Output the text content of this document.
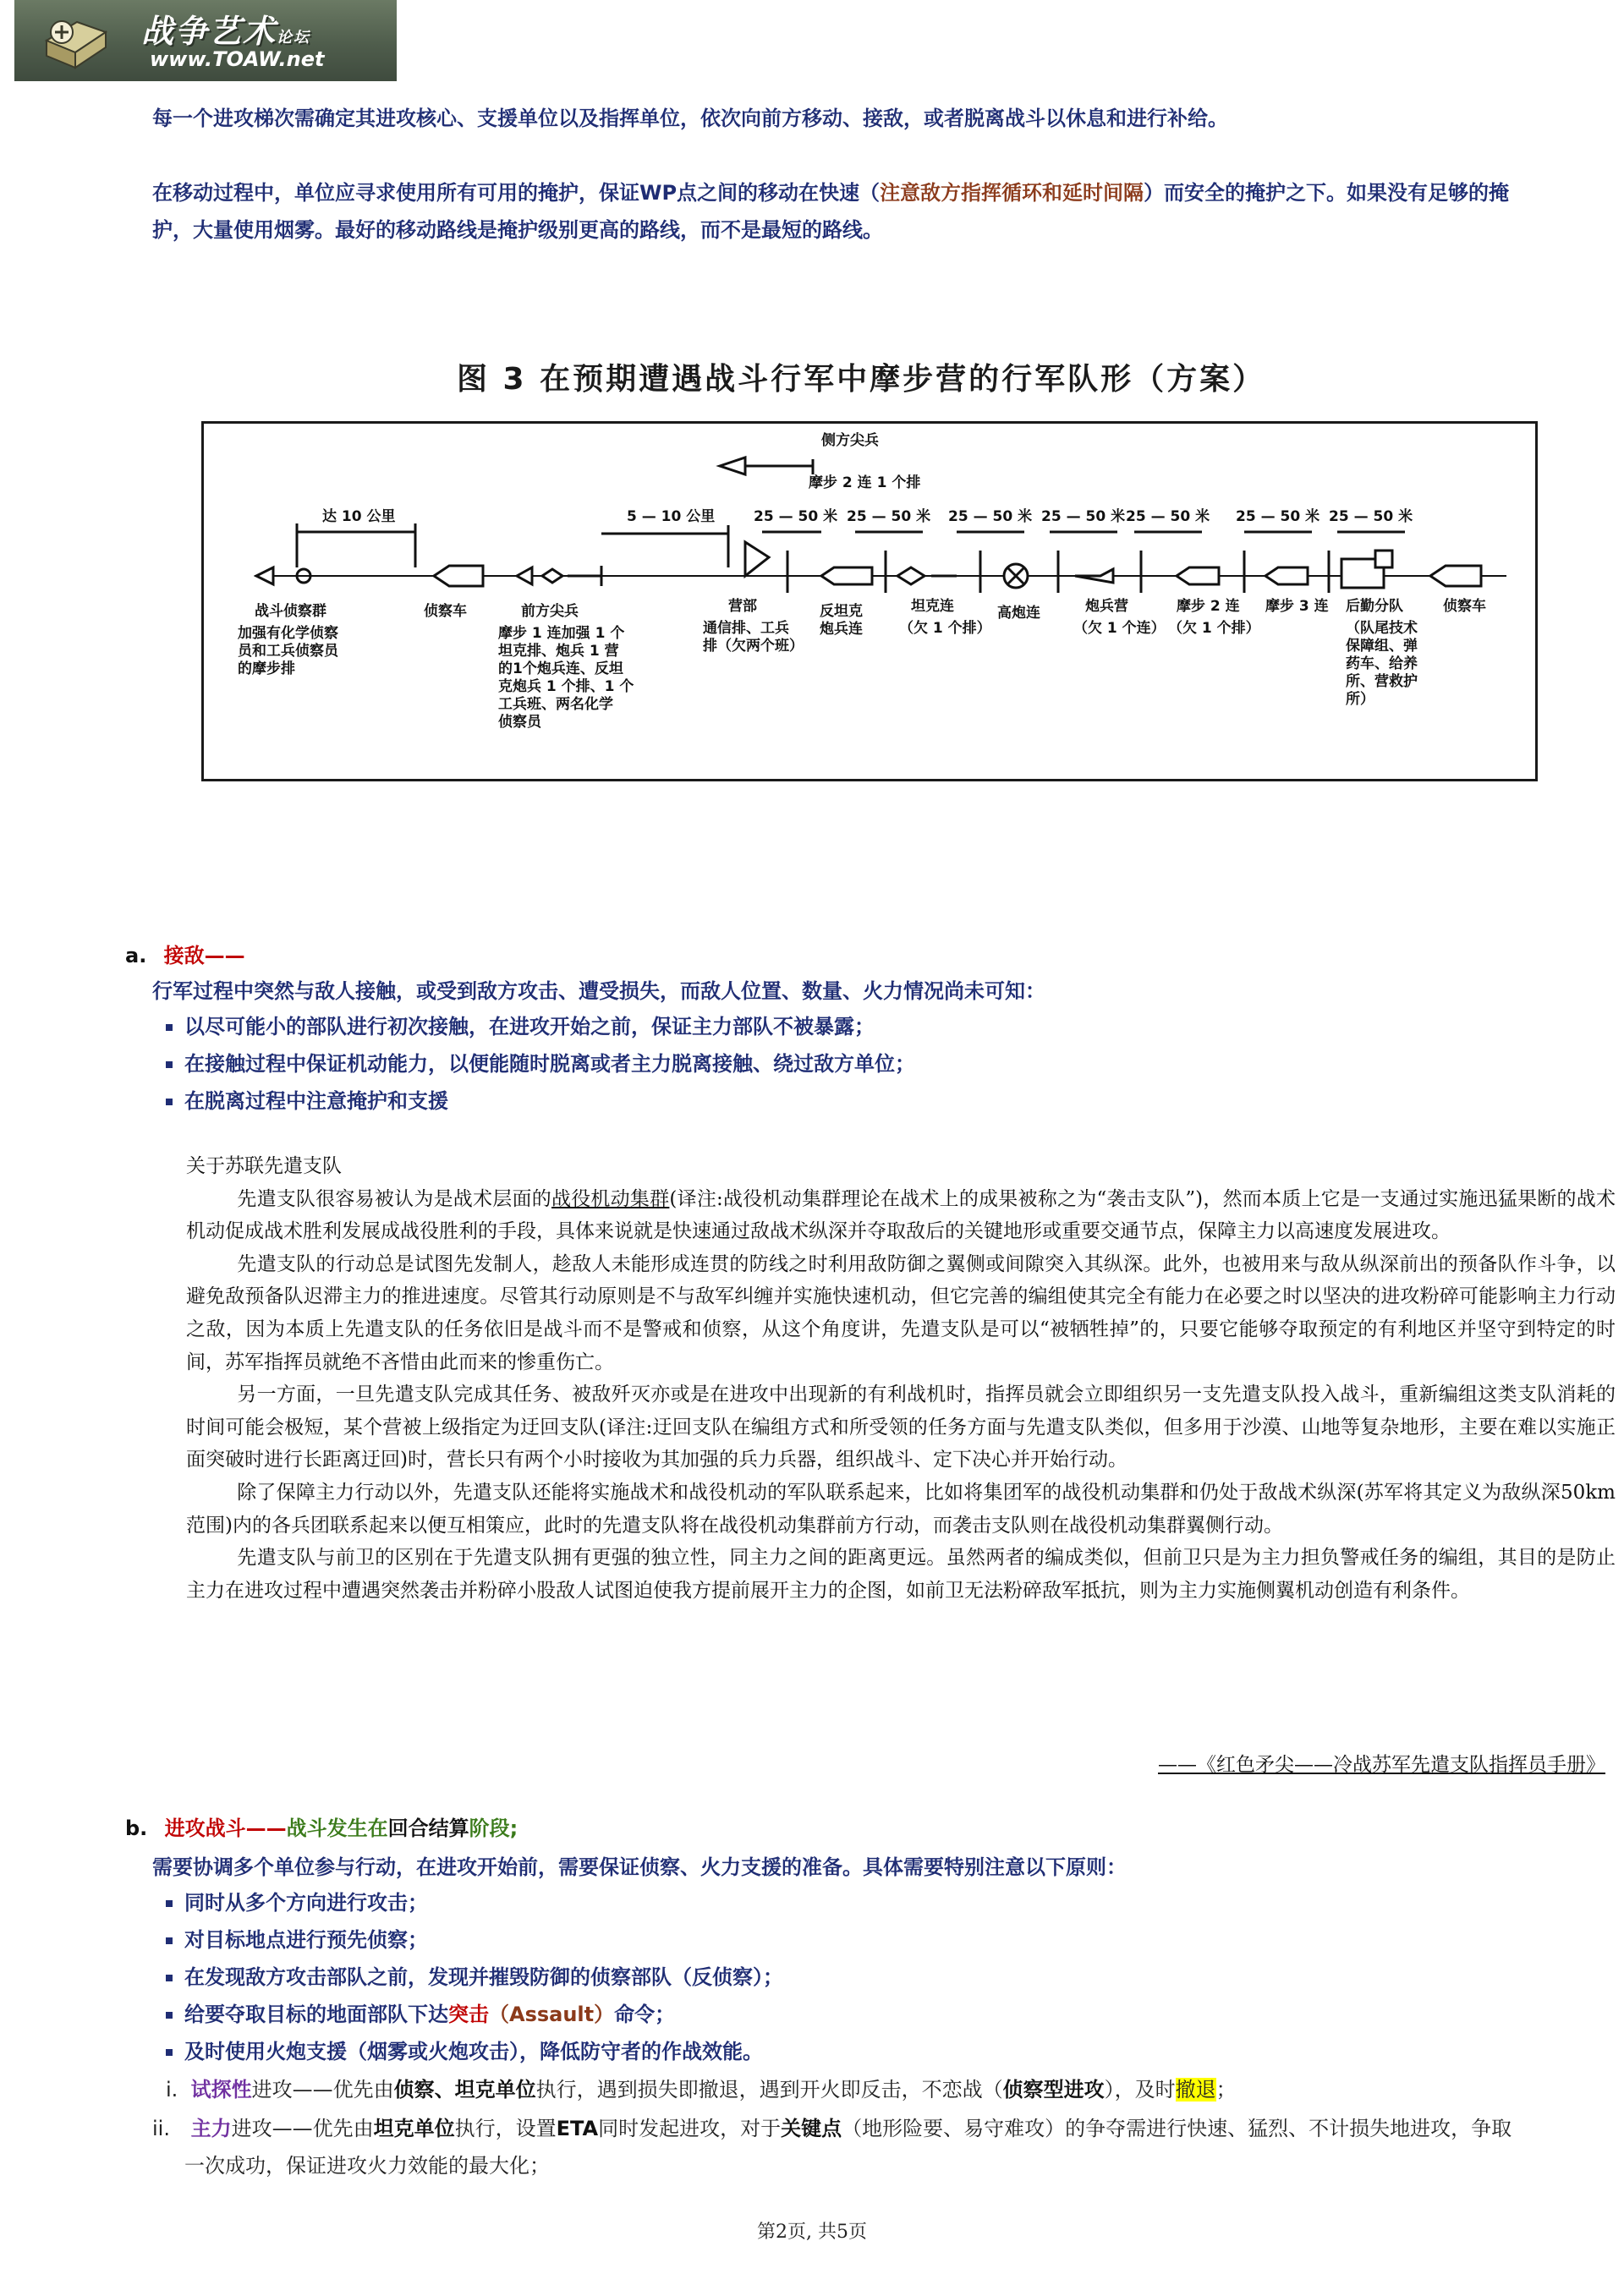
战争艺术论坛
www.TOAW.net
每一个进攻梯次需确定其进攻核心、支援单位以及指挥单位，依次向前方移动、接敌，或者脱离战斗以休息和进行补给。
在移动过程中，单位应寻求使用所有可用的掩护，保证WP点之间的移动在快速（注意敌方指挥循环和延时间隔）而安全的掩护之下。如果没有足够的掩
护，大量使用烟雾。最好的移动路线是掩护级别更高的路线，而不是最短的路线。
图 3 在预期遭遇战斗行军中摩步营的行军队形（方案）
侧方尖兵
摩步 2 连 1 个排
达 10 公里	5 — 10 公里	25 — 50 米 25 — 50 米 25 — 50 米 25 — 50 米 25 — 50 米 25 — 50 米 25 — 50 米
战斗侦察群
加强有化学侦察
员和工兵侦察员
的摩步排
侦察车	前方尖兵
摩步 1 连加强 1 个
坦克排、炮兵 1 营
的1个炮兵连、反坦
克炮兵 1 个排、1 个
工兵班、两名化学
侦察员
营部
通信排、工兵
排（欠两个班）
反坦克
炮兵连
坦克连
（欠 1 个排）
高炮连	炮兵营
（欠 1 个连）
摩步 2 连
（欠 1 个排）
摩步 3 连 后勤分队
（队尾技术
保障组、弹
药车、给养
所、营救护
所）
侦察车
a. 接敌——
行军过程中突然与敌人接触，或受到敌方攻击、遭受损失，而敌人位置、数量、火力情况尚未可知：
以尽可能小的部队进行初次接触，在进攻开始之前，保证主力部队不被暴露；
在接触过程中保证机动能力，以便能随时脱离或者主力脱离接触、绕过敌方单位；
在脱离过程中注意掩护和支援
关于苏联先遣支队
先遣支队很容易被认为是战术层面的战役机动集群(译注:战役机动集群理论在战术上的成果被称之为“袭击支队”)，然而本质上它是一支通过实施迅猛果断的战术机动促成战术胜利发展成战役胜利的手段，具体来说就是快速通过敌战术纵深并夺取敌后的关键地形或重要交通节点，保障主力以高速度发展进攻。
先遣支队的行动总是试图先发制人，趁敌人未能形成连贯的防线之时利用敌防御之翼侧或间隙突入其纵深。此外，也被用来与敌从纵深前出的预备队作斗争，以避免敌预备队迟滞主力的推进速度。尽管其行动原则是不与敌军纠缠并实施快速机动，但它完善的编组使其完全有能力在必要之时以坚决的进攻粉碎可能影响主力行动之敌，因为本质上先遣支队的任务依旧是战斗而不是警戒和侦察，从这个角度讲，先遣支队是可以“被牺牲掉”的，只要它能够夺取预定的有利地区并坚守到特定的时间，苏军指挥员就绝不吝惜由此而来的惨重伤亡。
另一方面，一旦先遣支队完成其任务、被敌歼灭亦或是在进攻中出现新的有利战机时，指挥员就会立即组织另一支先遣支队投入战斗，重新编组这类支队消耗的时间可能会极短，某个营被上级指定为迂回支队(译注:迂回支队在编组方式和所受领的任务方面与先遣支队类似，但多用于沙漠、山地等复杂地形，主要在难以实施正面突破时进行长距离迂回)时，营长只有两个小时接收为其加强的兵力兵器，组织战斗、定下决心并开始行动。
除了保障主力行动以外，先遣支队还能将实施战术和战役机动的军队联系起来，比如将集团军的战役机动集群和仍处于敌战术纵深(苏军将其定义为敌纵深50km范围)内的各兵团联系起来以便互相策应，此时的先遣支队将在战役机动集群前方行动，而袭击支队则在战役机动集群翼侧行动。
先遣支队与前卫的区别在于先遣支队拥有更强的独立性，同主力之间的距离更远。虽然两者的编成类似，但前卫只是为主力担负警戒任务的编组，其目的是防止主力在进攻过程中遭遇突然袭击并粉碎小股敌人试图迫使我方提前展开主力的企图，如前卫无法粉碎敌军抵抗，则为主力实施侧翼机动创造有利条件。
——《红色矛尖——冷战苏军先遣支队指挥员手册》
b. 进攻战斗——战斗发生在回合结算阶段;
需要协调多个单位参与行动，在进攻开始前，需要保证侦察、火力支援的准备。具体需要特别注意以下原则：
同时从多个方向进行攻击；
对目标地点进行预先侦察；
在发现敌方攻击部队之前，发现并摧毁防御的侦察部队（反侦察）；
给要夺取目标的地面部队下达突击（Assault）命令；
及时使用火炮支援（烟雾或火炮攻击），降低防守者的作战效能。
i. 试探性进攻——优先由侦察、坦克单位执行，遇到损失即撤退，遇到开火即反击，不恋战（侦察型进攻），及时撤退；
ii. 主力进攻——优先由坦克单位执行，设置ETA同时发起进攻，对于关键点（地形险要、易守难攻）的争夺需进行快速、猛烈、不计损失地进攻，争取
一次成功，保证进攻火力效能的最大化；
第2页, 共5页
